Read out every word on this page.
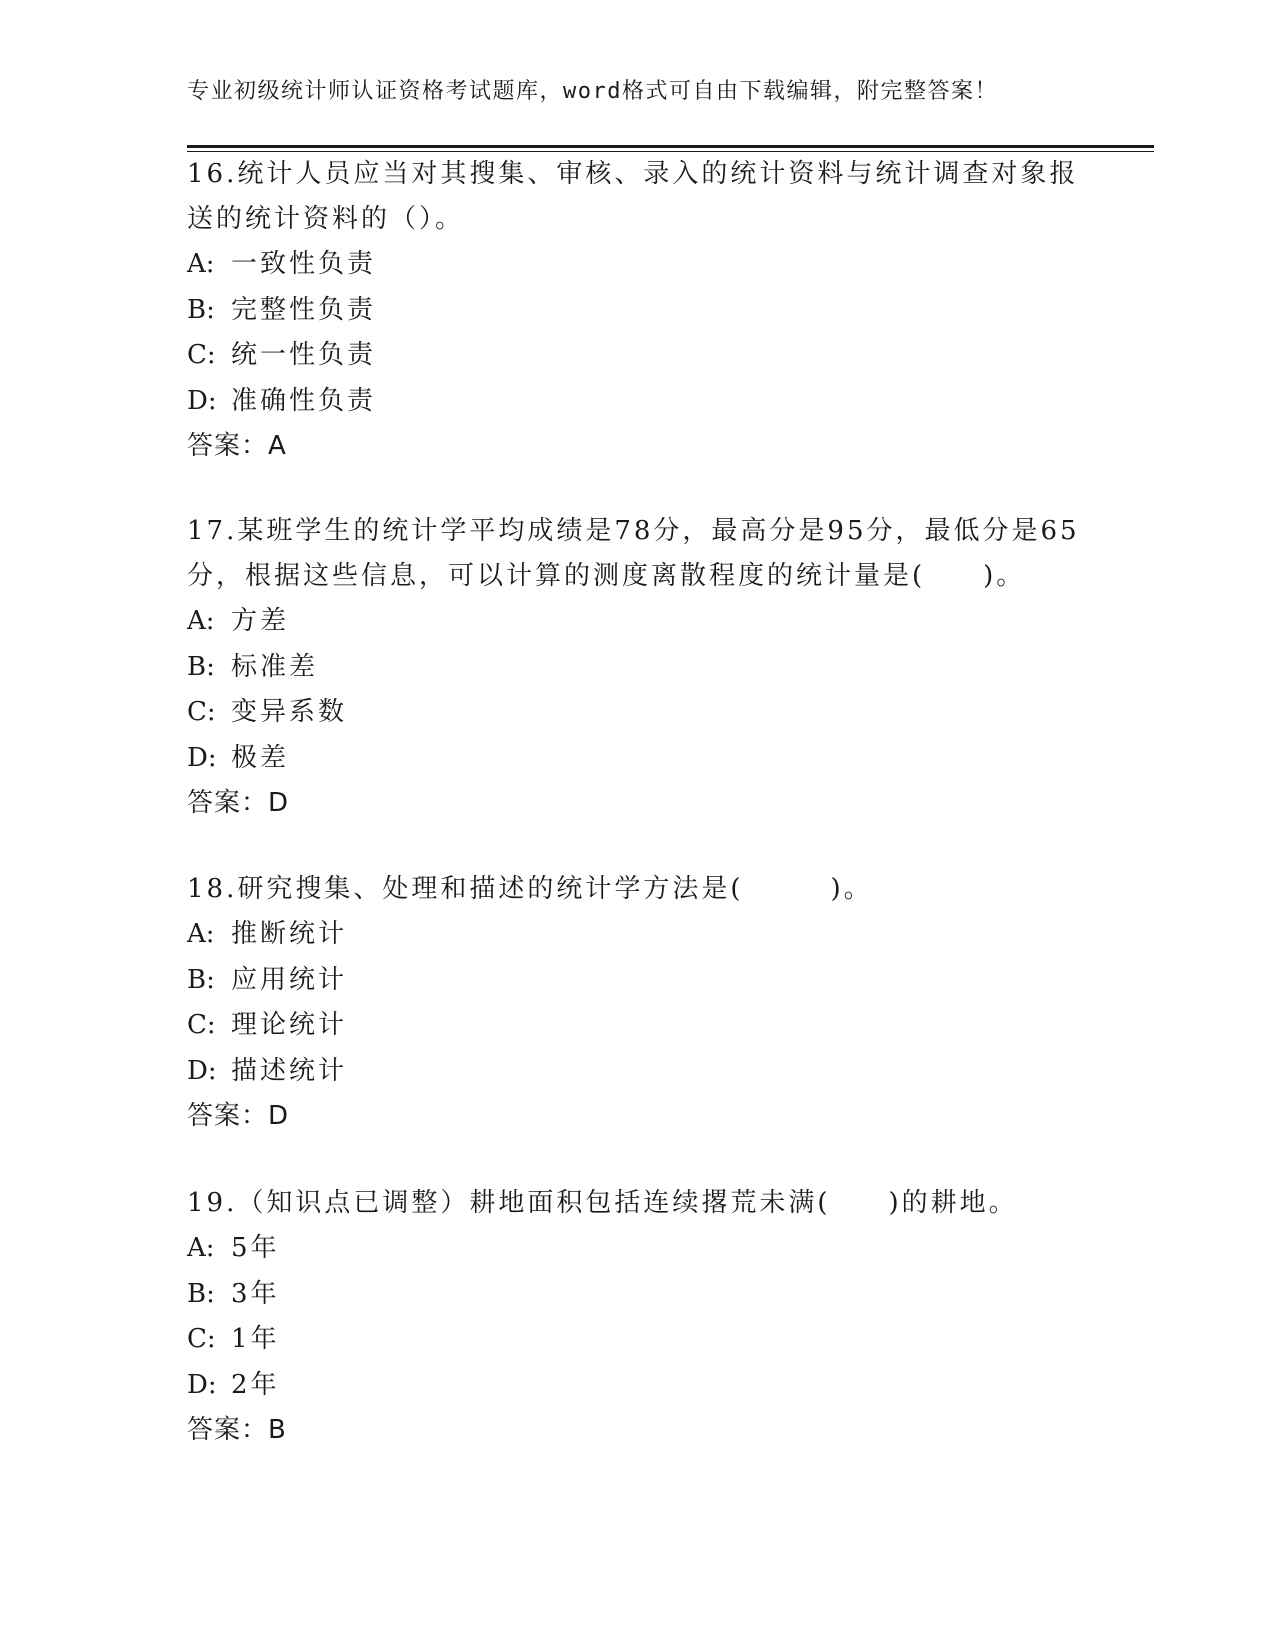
专业初级统计师认证资格考试题库，word格式可自由下载编辑，附完整答案！

16.统计人员应当对其搜集、审核、录入的统计资料与统计调查对象报

送的统计资料的（）。

A: 一致性负责

B: 完整性负责

C: 统一性负责

D: 准确性负责

答案：A

17.某班学生的统计学平均成绩是78分，最高分是95分，最低分是65

分，根据这些信息，可以计算的测度离散程度的统计量是(　　)。

A: 方差

B: 标准差

C: 变异系数

D: 极差

答案：D

18.研究搜集、处理和描述的统计学方法是(　　　)。

A: 推断统计

B: 应用统计

C: 理论统计

D: 描述统计

答案：D

19.（知识点已调整）耕地面积包括连续撂荒未满(　　)的耕地。

A: 5年

B: 3年

C: 1年

D: 2年

答案：B
